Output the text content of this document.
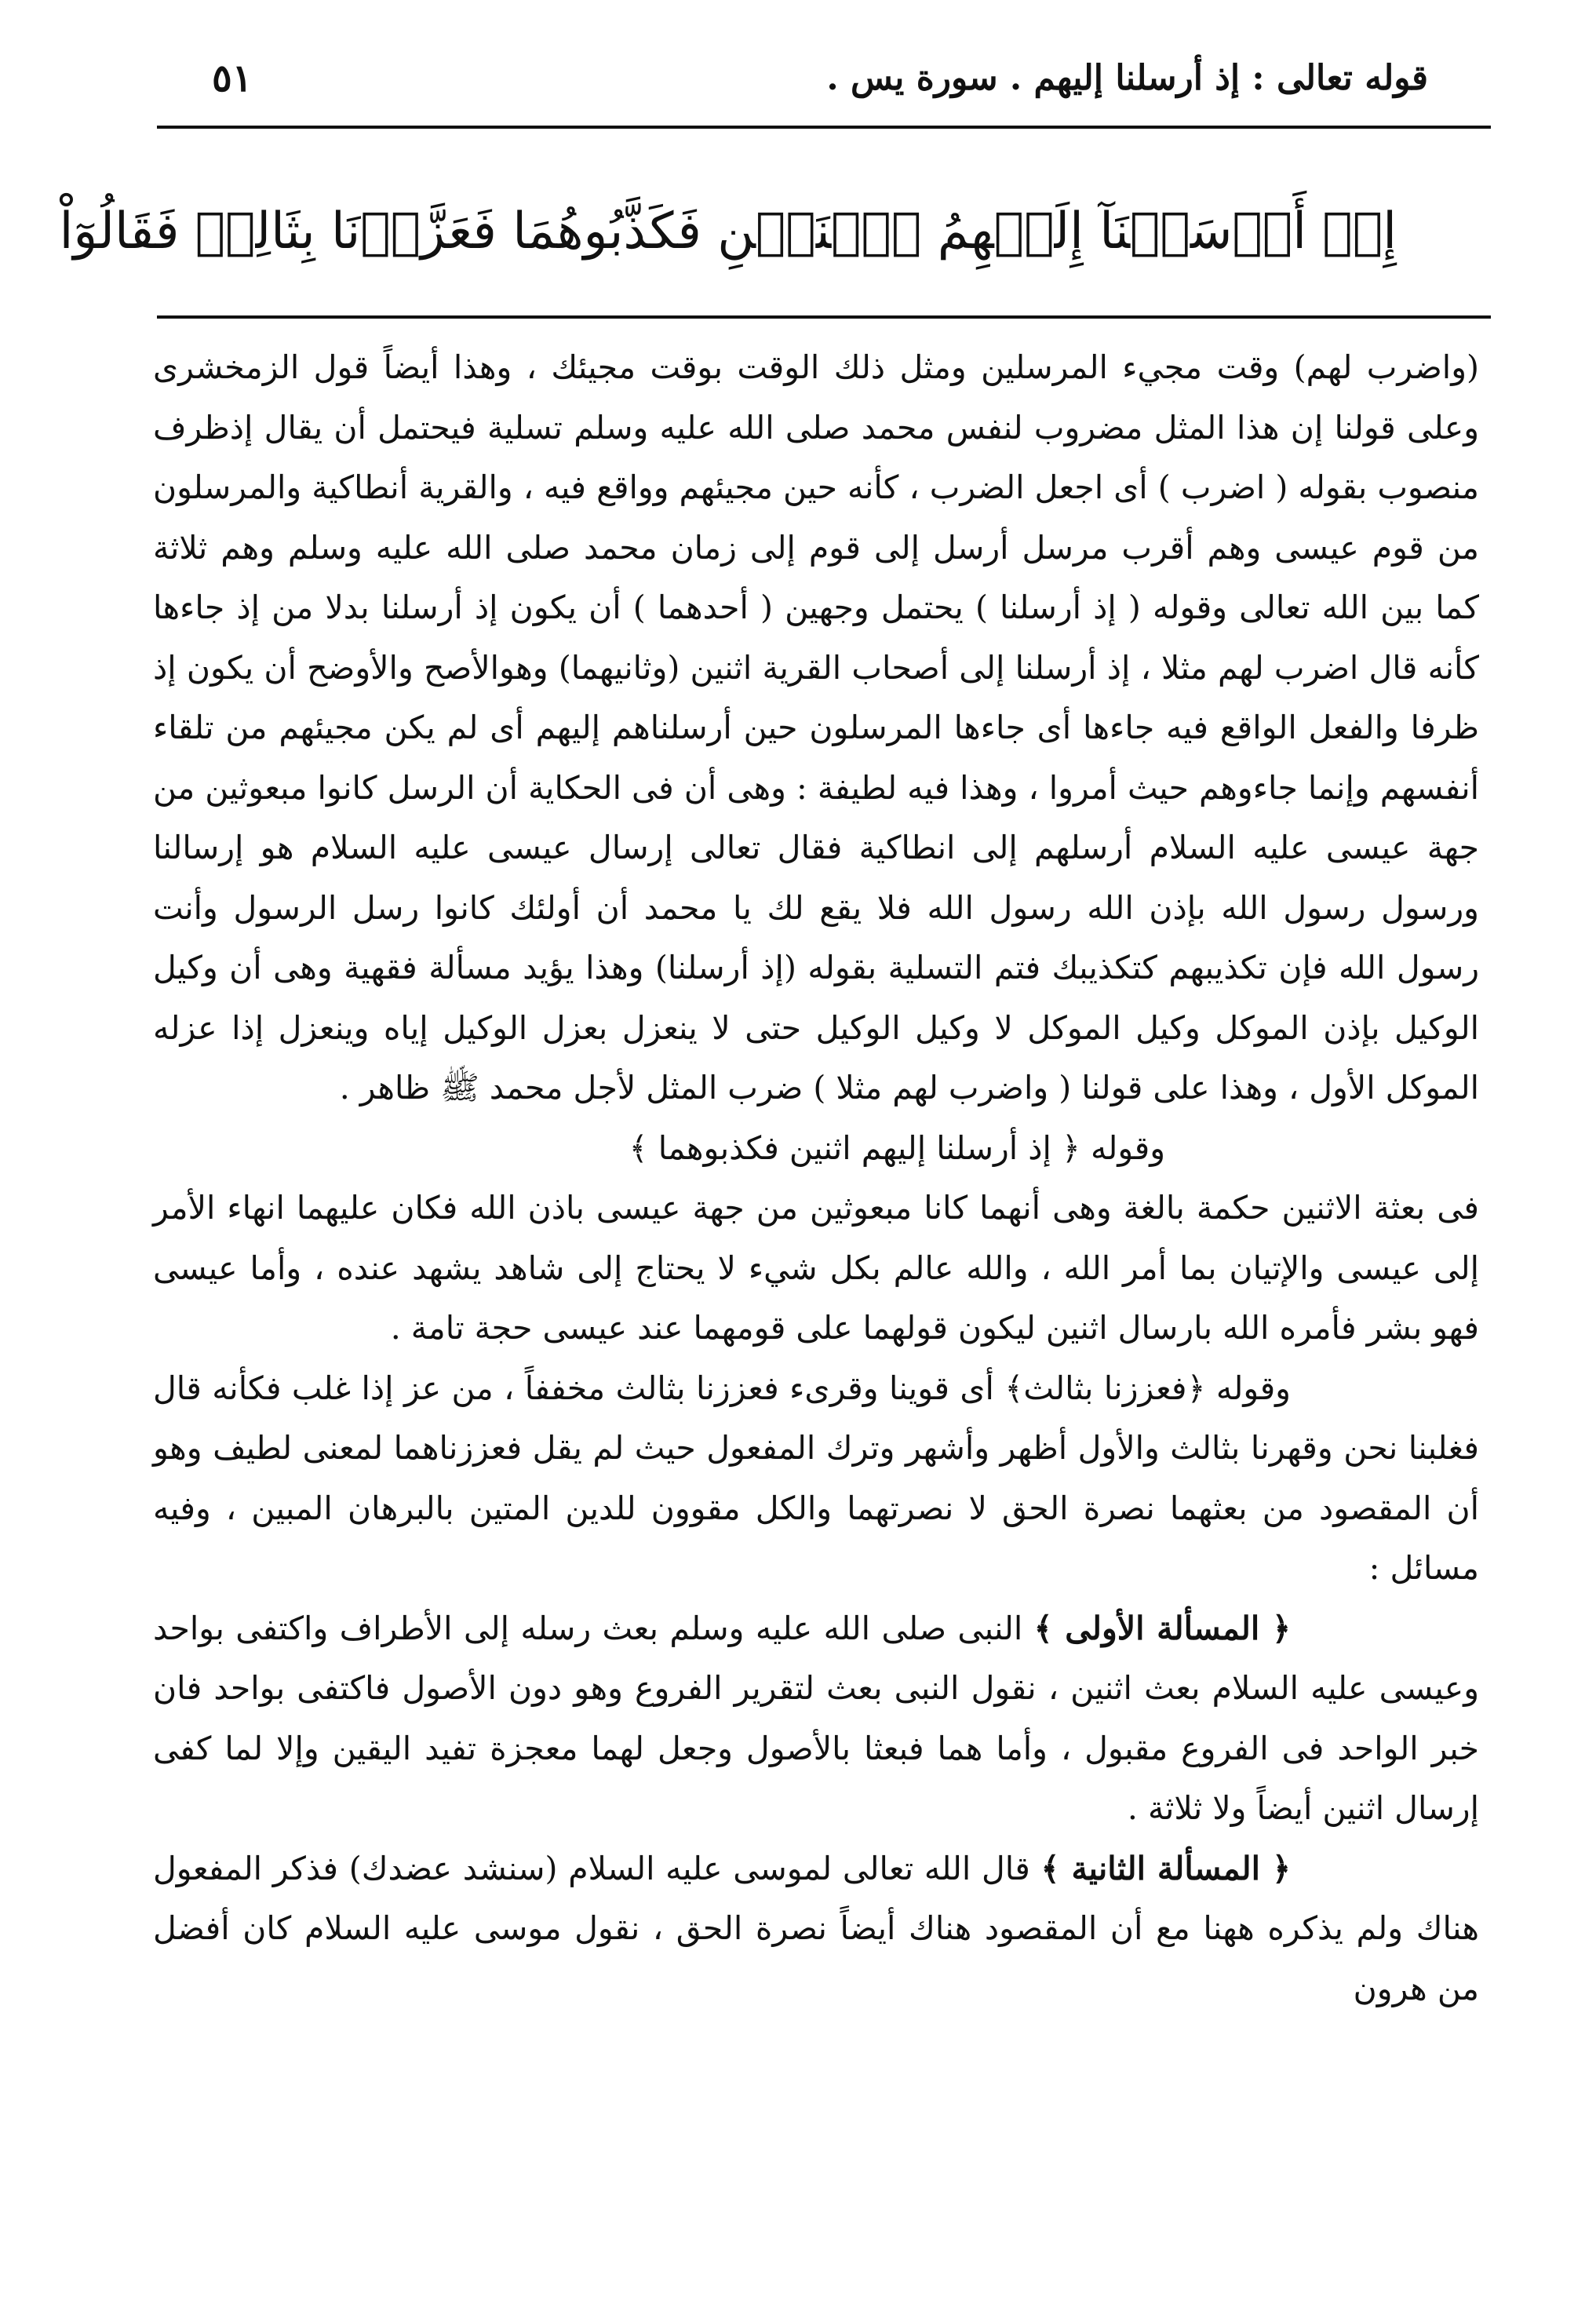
قوله تعالى : إذ أرسلنا إليهم . سورة يس .
٥١
إِذۡ أَرۡسَلۡنَآ إِلَيۡهِمُ ٱثۡنَيۡنِ فَكَذَّبُوهُمَا فَعَزَّزۡنَا بِثَالِثٖ فَقَالُوٓاْ

(واضرب لهم) وقت مجيء المرسلين ومثل ذلك الوقت بوقت مجيئك ، وهذا أيضاً قول الزمخشرى وعلى قولنا إن هذا المثل مضروب لنفس محمد صلى الله عليه وسلم تسلية فيحتمل أن يقال إذظرف منصوب بقوله ( اضرب ) أى اجعل الضرب ، كأنه حين مجيئهم وواقع فيه ، والقرية أنطاكية والمرسلون من قوم عيسى وهم أقرب مرسل أرسل إلى قوم إلى زمان محمد صلى الله عليه وسلم وهم ثلاثة كما بين الله تعالى وقوله ( إذ أرسلنا ) يحتمل وجهين ( أحدهما ) أن يكون إذ أرسلنا بدلا من إذ جاءها كأنه قال اضرب لهم مثلا ، إذ أرسلنا إلى أصحاب القرية اثنين (وثانيهما) وهوالأصح والأوضح أن يكون إذ ظرفا والفعل الواقع فيه جاءها أى جاءها المرسلون حين أرسلناهم إليهم أى لم يكن مجيئهم من تلقاء أنفسهم وإنما جاءوهم حيث أمروا ، وهذا فيه لطيفة : وهى أن فى الحكاية أن الرسل كانوا مبعوثين من جهة عيسى عليه السلام أرسلهم إلى انطاكية فقال تعالى إرسال عيسى عليه السلام هو إرسالنا ورسول رسول الله بإذن الله رسول الله فلا يقع لك يا محمد أن أولئك كانوا رسل الرسول وأنت رسول الله فإن تكذيبهم كتكذيبك فتم التسلية بقوله (إذ أرسلنا) وهذا يؤيد مسألة فقهية وهى أن وكيل الوكيل بإذن الموكل وكيل الموكل لا وكيل الوكيل حتى لا ينعزل بعزل الوكيل إياه وينعزل إذا عزله الموكل الأول ، وهذا على قولنا ( واضرب لهم مثلا ) ضرب المثل لأجل محمد ﷺ ظاهر .

وقوله ﴿ إذ أرسلنا إليهم اثنين فكذبوهما ﴾

فى بعثة الاثنين حكمة بالغة وهى أنهما كانا مبعوثين من جهة عيسى باذن الله فكان عليهما انهاء الأمر إلى عيسى والإتيان بما أمر الله ، والله عالم بكل شيء لا يحتاج إلى شاهد يشهد عنده ، وأما عيسى فهو بشر فأمره الله بارسال اثنين ليكون قولهما على قومهما عند عيسى حجة تامة .

وقوله ﴿فعززنا بثالث﴾ أى قوينا وقرىء فعززنا بثالث مخففاً ، من عز إذا غلب فكأنه قال فغلبنا نحن وقهرنا بثالث والأول أظهر وأشهر وترك المفعول حيث لم يقل فعززناهما لمعنى لطيف وهو أن المقصود من بعثهما نصرة الحق لا نصرتهما والكل مقوون للدين المتين بالبرهان المبين ، وفيه مسائل :

﴿ المسألة الأولى ﴾ النبى صلى الله عليه وسلم بعث رسله إلى الأطراف واكتفى بواحد وعيسى عليه السلام بعث اثنين ، نقول النبى بعث لتقرير الفروع وهو دون الأصول فاكتفى بواحد فان خبر الواحد فى الفروع مقبول ، وأما هما فبعثا بالأصول وجعل لهما معجزة تفيد اليقين وإلا لما كفى إرسال اثنين أيضاً ولا ثلاثة .

﴿ المسألة الثانية ﴾ قال الله تعالى لموسى عليه السلام (سنشد عضدك) فذكر المفعول هناك ولم يذكره ههنا مع أن المقصود هناك أيضاً نصرة الحق ، نقول موسى عليه السلام كان أفضل من هرون
